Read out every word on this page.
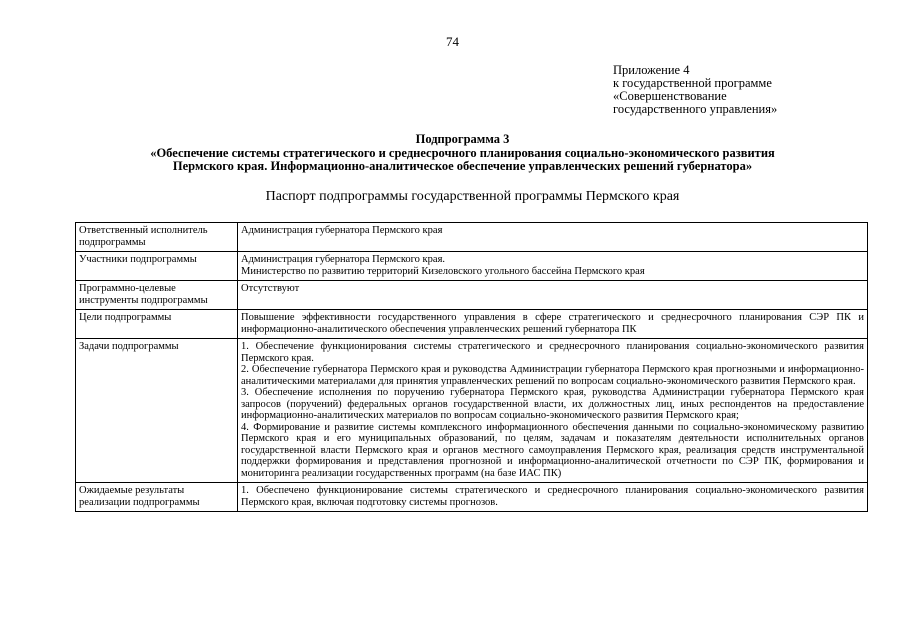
74
Приложение 4
к государственной программе
«Совершенствование
государственного управления»
Подпрограмма 3
«Обеспечение системы стратегического и среднесрочного планирования социально-экономического развития
Пермского края. Информационно-аналитическое обеспечение управленческих решений губернатора»
Паспорт подпрограммы государственной программы Пермского края
Ответственный исполнитель подпрограммы	Администрация губернатора Пермского края
Участники подпрограммы	Администрация губернатора Пермского края.
Министерство по развитию территорий Кизеловского угольного бассейна Пермского края

Программно-целевые инструменты подпрограммы	Отсутствуют
Цели подпрограммы	Повышение эффективности государственного управления в сфере стратегического и среднесрочного планирования СЭР ПК и информационно-аналитического обеспечения управленческих решений губернатора ПК

Задачи подпрограммы	1. Обеспечение функционирования системы стратегического и среднесрочного планирования социально-экономического развития Пермского края.
2. Обеспечение губернатора Пермского края и руководства Администрации губернатора Пермского края прогнозными и информационно-аналитическими материалами для принятия управленческих решений по вопросам социально-экономического развития Пермского края.
3. Обеспечение исполнения по поручению губернатора Пермского края, руководства Администрации губернатора Пермского края запросов (поручений) федеральных органов государственной власти, их должностных лиц, иных респондентов на предоставление информационно-аналитических материалов по вопросам социально-экономического развития Пермского края;
4. Формирование и развитие системы комплексного информационного обеспечения данными по социально-экономическому развитию Пермского края и его муниципальных образований, по целям, задачам и показателям деятельности исполнительных органов государственной власти Пермского края и органов местного самоуправления Пермского края, реализация средств инструментальной поддержки формирования и представления прогнозной и информационно-аналитической отчетности по СЭР ПК, формирования и мониторинга реализации государственных программ (на базе ИАС ПК)

Ожидаемые результаты реализации подпрограммы	1. Обеспечено функционирование системы стратегического и среднесрочного планирования социально-экономического развития Пермского края, включая подготовку системы прогнозов.
